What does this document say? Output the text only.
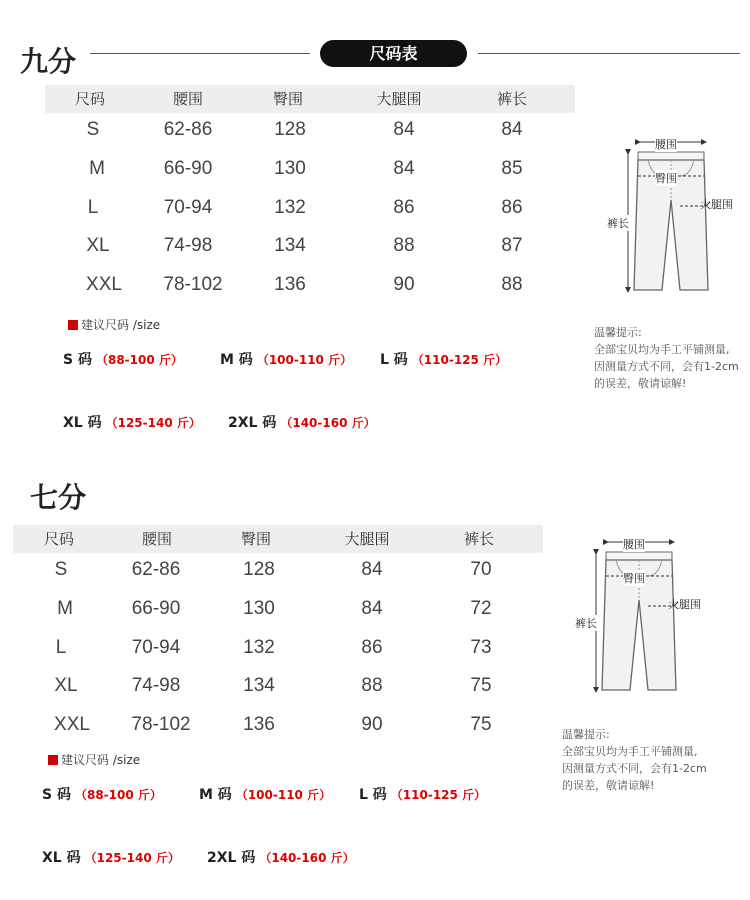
尺码表
九分
尺码	腰围	臀围	大腿围	裤长
S	62-86	128	84	84
M	66-90	130	84	85
L	70-94	132	86	86
XL	74-98	134	88	87
XXL 78-102	136	90	88
建议尺码 /size
S 码 （88-100 斤）	M 码 （100-110 斤） L 码 （110-125 斤）
XL 码 （125-140 斤） 2XL 码 （140-160 斤）
腰围
臀围
大腿围
裤长
温馨提示:
全部宝贝均为手工平铺测量,
因测量方式不同，会有1-2cm
的误差，敬请谅解!
七分
尺码	腰围	臀围	大腿围	裤长
S	62-86	128	84	70
M	66-90	130	84	72
L	70-94	132	86	73
XL	74-98	134	88	75
XXL 78-102	136	90	75
建议尺码 /size
S 码 （88-100 斤）	M 码 （100-110 斤） L 码 （110-125 斤）
XL 码 （125-140 斤） 2XL 码 （140-160 斤）
腰围
臀围
大腿围
裤长
温馨提示:
全部宝贝均为手工平铺测量,
因测量方式不同，会有1-2cm
的误差，敬请谅解!
